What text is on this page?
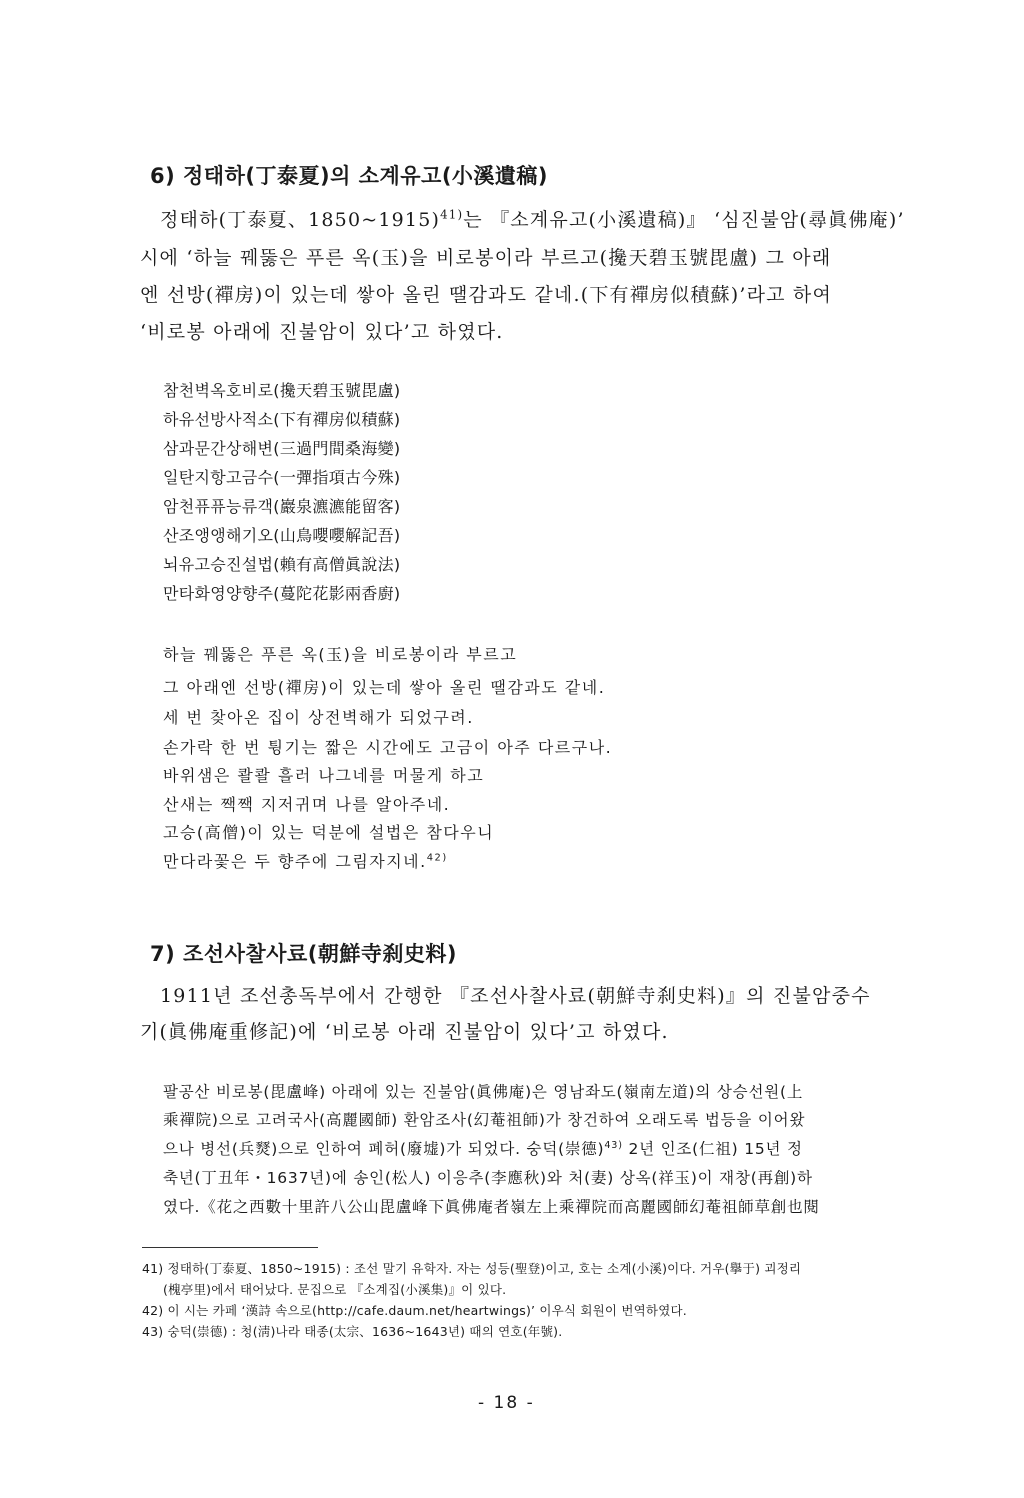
6) 정태하(丁泰夏)의 소계유고(小溪遺稿)
정태하(丁泰夏、1850~1915)$^{41)}$는 『소계유고(小溪遺稿)』 ‘심진불암(尋眞佛庵)’
시에 ‘하늘 꿰뚫은 푸른 옥(玉)을 비로봉이라 부르고(攙天碧玉號毘盧) 그 아래
엔 선방(禪房)이 있는데 쌓아 올린 땔감과도 같네.(下有禪房似積蘇)’라고 하여
‘비로봉 아래에 진불암이 있다’고 하였다.
참천벽옥호비로(攙天碧玉號毘盧)
하유선방사적소(下有禪房似積蘇)
삼과문간상해변(三過門間桑海變)
일탄지항고금수(一彈指項古今殊)
암천퓨퓨능류객(巖泉瀌瀌能留客)
산조앵앵해기오(山鳥嚶嚶解記吾)
뇌유고승진설법(賴有高僧眞說法)
만타화영양향주(蔓陀花影兩香廚)
하늘 꿰뚫은 푸른 옥(玉)을 비로봉이라 부르고
그 아래엔 선방(禪房)이 있는데 쌓아 올린 땔감과도 같네.
세 번 찾아온 집이 상전벽해가 되었구려.
손가락 한 번 튕기는 짧은 시간에도 고금이 아주 다르구나.
바위샘은 콸콸 흘러 나그네를 머물게 하고
산새는 짹짹 지저귀며 나를 알아주네.
고승(高僧)이 있는 덕분에 설법은 참다우니
만다라꽃은 두 향주에 그림자지네.$^{42)}$
7) 조선사찰사료(朝鮮寺刹史料)
1911년 조선총독부에서 간행한 『조선사찰사료(朝鮮寺刹史料)』의 진불암중수
기(眞佛庵重修記)에 ‘비로봉 아래 진불암이 있다’고 하였다.
팔공산 비로봉(毘盧峰) 아래에 있는 진불암(眞佛庵)은 영남좌도(嶺南左道)의 상승선원(上
乘禪院)으로 고려국사(高麗國師) 환암조사(幻菴祖師)가 창건하여 오래도록 법등을 이어왔
으나 병선(兵燹)으로 인하여 폐허(廢墟)가 되었다. 숭덕(崇德)$^{43)}$ 2년 인조(仁祖) 15년 정
축년(丁丑年・1637년)에 송인(松人) 이응추(李應秋)와 처(妻) 상옥(祥玉)이 재창(再創)하
였다.《花之西數十里許八公山毘盧峰下眞佛庵者嶺左上乘禪院而高麗國師幻菴祖師草創也閱
41) 정태하(丁泰夏、1850~1915) : 조선 말기 유학자. 자는 성등(聖登)이고, 호는 소계(小溪)이다. 거우(擧于) 괴정리
(槐亭里)에서 태어났다. 문집으로 『소계집(小溪集)』이 있다.
42) 이 시는 카페 ‘漢詩 속으로(http://cafe.daum.net/heartwings)’ 이우식 회원이 번역하였다.
43) 숭덕(崇德) : 청(淸)나라 태종(太宗、1636~1643년) 때의 연호(年號).
- 18 -
